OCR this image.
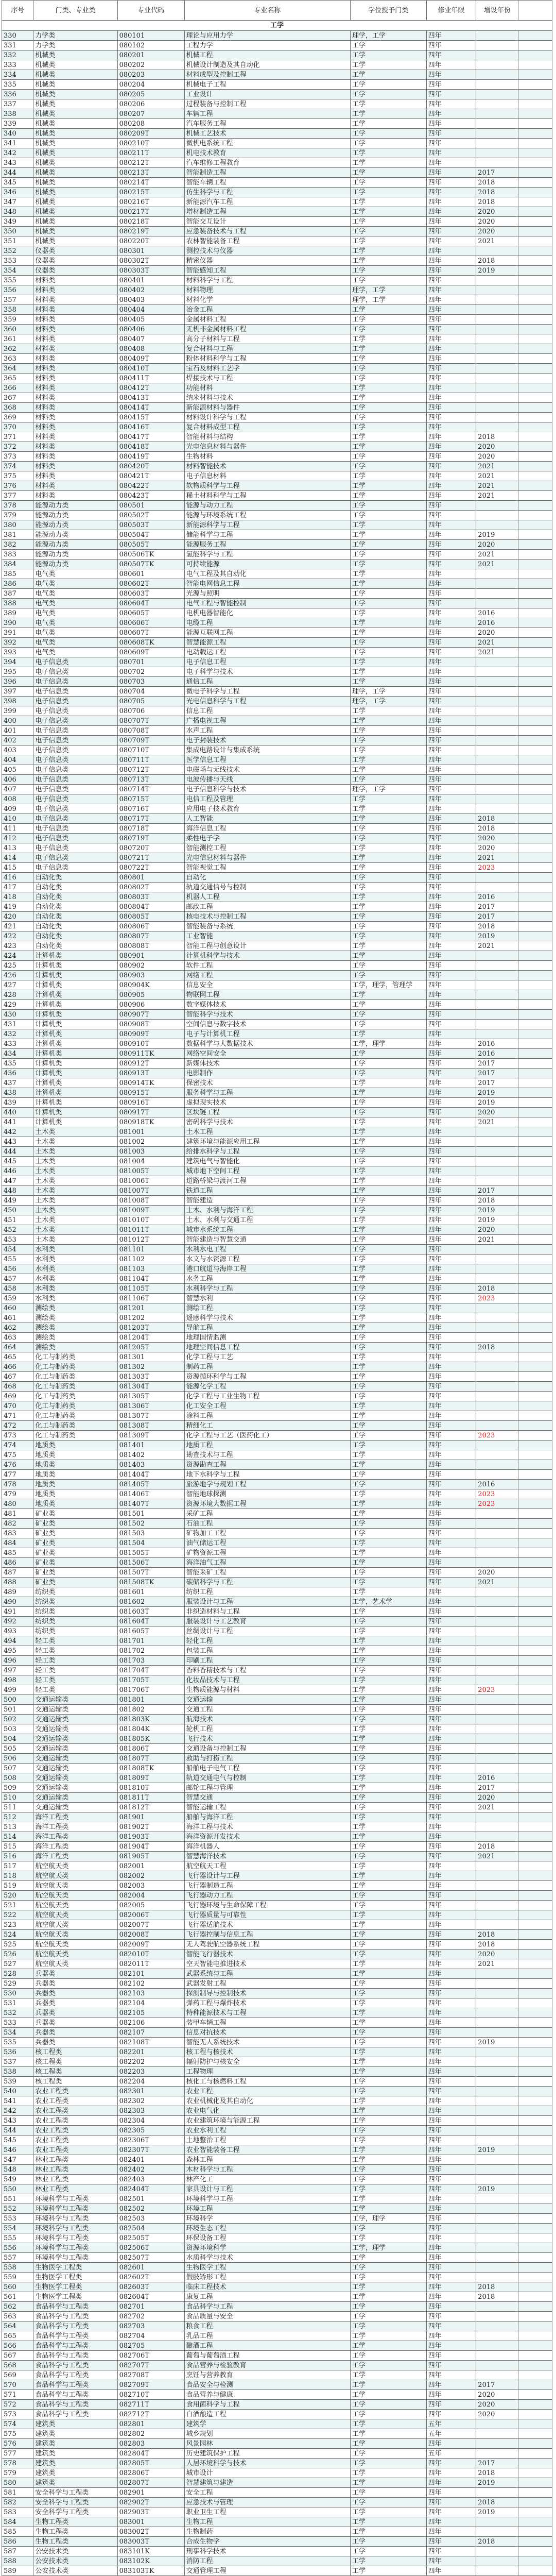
序号	门类、专业类	专业代码	专业名称	学位授予门类	修业年限	增设年份	
工学							
330	力学类	080101	理论与应用力学	理学，工学	四年		
331	力学类	080102	工程力学	工学	四年		
332	机械类	080201	机械工程	工学	四年		
333	机械类	080202	机械设计制造及其自动化	工学	四年		
334	机械类	080203	材料成型及控制工程	工学	四年		
335	机械类	080204	机械电子工程	工学	四年		
336	机械类	080205	工业设计	工学	四年		
337	机械类	080206	过程装备与控制工程	工学	四年		
338	机械类	080207	车辆工程	工学	四年		
339	机械类	080208	汽车服务工程	工学	四年		
340	机械类	080209T	机械工艺技术	工学	四年		
341	机械类	080210T	微机电系统工程	工学	四年		
342	机械类	080211T	机电技术教育	工学	四年		
343	机械类	080212T	汽车维修工程教育	工学	四年		
344	机械类	080213T	智能制造工程	工学	四年	2017	
345	机械类	080214T	智能车辆工程	工学	四年	2018	
346	机械类	080215T	仿生科学与工程	工学	四年	2018	
347	机械类	080216T	新能源汽车工程	工学	四年	2018	
348	机械类	080217T	增材制造工程	工学	四年	2020	
349	机械类	080218T	智能交互设计	工学	四年	2020	
350	机械类	080219T	应急装备技术与工程	工学	四年	2020	
351	机械类	080220T	农林智能装备工程	工学	四年	2021	
352	仪器类	080301	测控技术与仪器	工学	四年		
353	仪器类	080302T	精密仪器	工学	四年	2018	
354	仪器类	080303T	智能感知工程	工学	四年	2019	
355	材料类	080401	材料科学与工程	工学	四年		
356	材料类	080402	材料物理	理学，工学	四年		
357	材料类	080403	材料化学	理学，工学	四年		
358	材料类	080404	冶金工程	工学	四年		
359	材料类	080405	金属材料工程	工学	四年		
360	材料类	080406	无机非金属材料工程	工学	四年		
361	材料类	080407	高分子材料与工程	工学	四年		
362	材料类	080408	复合材料与工程	工学	四年		
363	材料类	080409T	粉体材料科学与工程	工学	四年		
364	材料类	080410T	宝石及材料工艺学	工学	四年		
365	材料类	080411T	焊接技术与工程	工学	四年		
366	材料类	080412T	功能材料	工学	四年		
367	材料类	080413T	纳米材料与技术	工学	四年		
368	材料类	080414T	新能源材料与器件	工学	四年		
369	材料类	080415T	材料设计科学与工程	工学	四年		
370	材料类	080416T	复合材料成型工程	工学	四年		
371	材料类	080417T	智能材料与结构	工学	四年	2018	
372	材料类	080418T	光电信息材料与器件	工学	四年	2020	
373	材料类	080419T	生物材料	工学	四年	2020	
374	材料类	080420T	材料智能技术	工学	四年	2021	
375	材料类	080421T	电子信息材料	工学	四年	2021	
376	材料类	080422T	软物质科学与工程	工学	四年	2021	
377	材料类	080423T	稀土材料科学与工程	工学	四年	2021	
378	能源动力类	080501	能源与动力工程	工学	四年		
379	能源动力类	080502T	能源与环境系统工程	工学	四年		
380	能源动力类	080503T	新能源科学与工程	工学	四年		
381	能源动力类	080504T	储能科学与工程	工学	四年	2019	
382	能源动力类	080505T	能源服务工程	工学	四年	2020	
383	能源动力类	080506TK	氢能科学与工程	工学	四年	2021	
384	能源动力类	080507TK	可持续能源	工学	四年	2021	
385	电气类	080601	电气工程及其自动化	工学	四年		
386	电气类	080602T	智能电网信息工程	工学	四年		
387	电气类	080603T	光源与照明	工学	四年		
388	电气类	080604T	电气工程与智能控制	工学	四年		
389	电气类	080605T	电机电器智能化	工学	四年	2016	
390	电气类	080606T	电缆工程	工学	四年	2016	
391	电气类	080607T	能源互联网工程	工学	四年	2020	
392	电气类	080608TK	智慧能源工程	工学	四年	2021	
393	电气类	080609T	电动载运工程	工学	四年	2021	
394	电子信息类	080701	电子信息工程	工学	四年		
395	电子信息类	080702	电子科学与技术	工学	四年		
396	电子信息类	080703	通信工程	工学	四年		
397	电子信息类	080704	微电子科学与工程	理学，工学	四年		
398	电子信息类	080705	光电信息科学与工程	理学，工学	四年		
399	电子信息类	080706	信息工程	工学	四年		
400	电子信息类	080707T	广播电视工程	工学	四年		
401	电子信息类	080708T	水声工程	工学	四年		
402	电子信息类	080709T	电子封装技术	工学	四年		
403	电子信息类	080710T	集成电路设计与集成系统	工学	四年		
404	电子信息类	080711T	医学信息工程	工学	四年		
405	电子信息类	080712T	电磁场与无线技术	工学	四年		
406	电子信息类	080713T	电波传播与天线	工学	四年		
407	电子信息类	080714T	电子信息科学与技术	理学，工学	四年		
408	电子信息类	080715T	电信工程及管理	工学	四年		
409	电子信息类	080716T	应用电子技术教育	工学	四年		
410	电子信息类	080717T	人工智能	工学	四年	2018	
411	电子信息类	080718T	海洋信息工程	工学	四年	2018	
412	电子信息类	080719T	柔性电子学	工学	四年	2020	
413	电子信息类	080720T	智能测控工程	工学	四年	2020	
414	电子信息类	080721T	光电信息材料与器件	工学	四年	2021	
415	电子信息类	080722T	智能视觉工程	工学	四年	2023	
416	自动化类	080801	自动化	工学	四年		
417	自动化类	080802T	轨道交通信号与控制	工学	四年		
418	自动化类	080803T	机器人工程	工学	四年	2016	
419	自动化类	080804T	邮政工程	工学	四年	2017	
420	自动化类	080805T	核电技术与控制工程	工学	四年	2017	
421	自动化类	080806T	智能装备与系统	工学	四年	2018	
422	自动化类	080807T	工业智能	工学	四年	2019	
423	自动化类	080808T	智能工程与创意设计	工学	四年	2021	
424	计算机类	080901	计算机科学与技术	工学	四年		
425	计算机类	080902	软件工程	工学	四年		
426	计算机类	080903	网络工程	工学	四年		
427	计算机类	080904K	信息安全	工学，理学，管理学	四年		
428	计算机类	080905	物联网工程	工学	四年		
429	计算机类	080906	数字媒体技术	工学	四年		
430	计算机类	080907T	智能科学与技术	工学	四年		
431	计算机类	080908T	空间信息与数字技术	工学	四年		
432	计算机类	080909T	电子与计算机工程	工学	四年		
433	计算机类	080910T	数据科学与大数据技术	工学，理学	四年	2016	
434	计算机类	080911TK	网络空间安全	工学	四年	2016	
435	计算机类	080912T	新媒体技术	工学	四年	2017	
436	计算机类	080913T	电影制作	工学	四年	2017	
437	计算机类	080914TK	保密技术	工学	四年	2017	
438	计算机类	080915T	服务科学与工程	工学	四年	2019	
439	计算机类	080916T	虚拟现实技术	工学	四年	2019	
440	计算机类	080917T	区块链工程	工学	四年	2020	
441	计算机类	080918TK	密码科学与技术	工学	四年	2021	
442	土木类	081001	土木工程	工学	四年		
443	土木类	081002	建筑环境与能源应用工程	工学	四年		
444	土木类	081003	给排水科学与工程	工学	四年		
445	土木类	081004	建筑电气与智能化	工学	四年		
446	土木类	081005T	城市地下空间工程	工学	四年		
447	土木类	081006T	道路桥梁与渡河工程	工学	四年		
448	土木类	081007T	铁道工程	工学	四年	2017	
449	土木类	081008T	智能建造	工学	四年	2018	
450	土木类	081009T	土木、水利与海洋工程	工学	四年	2019	
451	土木类	081010T	土木、水利与交通工程	工学	四年	2019	
452	土木类	081011T	城市水系统工程	工学	四年	2020	
453	土木类	081012T	智能建造与智慧交通	工学	四年	2021	
454	水利类	081101	水利水电工程	工学	四年		
455	水利类	081102	水文与水资源工程	工学	四年		
456	水利类	081103	港口航道与海岸工程	工学	四年		
457	水利类	081104T	水务工程	工学	四年		
458	水利类	081105T	水利科学与工程	工学	四年	2018	
459	水利类	081106T	智慧水利	工学	四年	2023	
460	测绘类	081201	测绘工程	工学	四年		
461	测绘类	081202	遥感科学与技术	工学	四年		
462	测绘类	081203T	导航工程	工学	四年		
463	测绘类	081204T	地理国情监测	工学	四年		
464	测绘类	081205T	地理空间信息工程	工学	四年	2018	
465	化工与制药类	081301	化学工程与工艺	工学	四年		
466	化工与制药类	081302	制药工程	工学	四年		
467	化工与制药类	081303T	资源循环科学与工程	工学	四年		
468	化工与制药类	081304T	能源化学工程	工学	四年		
469	化工与制药类	081305T	化学工程与工业生物工程	工学	四年		
470	化工与制药类	081306T	化工安全工程	工学	四年		
471	化工与制药类	081307T	涂料工程	工学	四年		
472	化工与制药类	081308T	精细化工	工学	四年		
473	化工与制药类	081309T	化学工程与工艺（医药化工）	工学	四年	2023	
474	地质类	081401	地质工程	工学	四年		
475	地质类	081402	勘查技术与工程	工学	四年		
476	地质类	081403	资源勘查工程	工学	四年		
477	地质类	081404T	地下水科学与工程	工学	四年		
478	地质类	081405T	旅游地学与规划工程	工学	四年	2016	
479	地质类	081406T	智能地球探测	工学	四年	2023	
480	地质类	081407T	资源环境大数据工程	工学	四年	2023	
481	矿业类	081501	采矿工程	工学	四年		
482	矿业类	081502	石油工程	工学	四年		
483	矿业类	081503	矿物加工工程	工学	四年		
484	矿业类	081504	油气储运工程	工学	四年		
485	矿业类	081505T	矿物资源工程	工学	四年		
486	矿业类	081506T	海洋油气工程	工学	四年		
487	矿业类	081507T	智能采矿工程	工学	四年	2020	
488	矿业类	081508TK	碳储科学与工程	工学	四年	2021	
489	纺织类	081601	纺织工程	工学	四年		
490	纺织类	081602	服装设计与工程	工学，艺术学	四年		
491	纺织类	081603T	非织造材料与工程	工学	四年		
492	纺织类	081604T	服装设计与工艺教育	工学	四年		
493	纺织类	081605T	丝绸设计与工程	工学	四年		
494	轻工类	081701	轻化工程	工学	四年		
495	轻工类	081702	包装工程	工学	四年		
496	轻工类	081703	印刷工程	工学	四年		
497	轻工类	081704T	香料香精技术与工程	工学	四年		
498	轻工类	081705T	化妆品技术与工程	工学	四年		
499	轻工类	081706T	生物质能源与材料	工学	四年	2023	
500	交通运输类	081801	交通运输	工学	四年		
501	交通运输类	081802	交通工程	工学	四年		
502	交通运输类	081803K	航海技术	工学	四年		
503	交通运输类	081804K	轮机工程	工学	四年		
504	交通运输类	081805K	飞行技术	工学	四年		
505	交通运输类	081806T	交通设备与控制工程	工学	四年		
506	交通运输类	081807T	救助与打捞工程	工学	四年		
507	交通运输类	081808TK	船舶电子电气工程	工学	四年		
508	交通运输类	081809T	轨道交通电气与控制	工学	四年	2016	
509	交通运输类	081810T	邮轮工程与管理	工学	四年	2017	
510	交通运输类	081811T	智慧交通	工学	四年	2020	
511	交通运输类	081812T	智能运输工程	工学	四年	2021	
512	海洋工程类	081901	船舶与海洋工程	工学	四年		
513	海洋工程类	081902T	海洋工程与技术	工学	四年		
514	海洋工程类	081903T	海洋资源开发技术	工学	四年		
515	海洋工程类	081904T	海洋机器人	工学	四年	2018	
516	海洋工程类	081905T	智慧海洋技术	工学	四年	2021	
517	航空航天类	082001	航空航天工程	工学	四年		
518	航空航天类	082002	飞行器设计与工程	工学	四年		
519	航空航天类	082003	飞行器制造工程	工学	四年		
520	航空航天类	082004	飞行器动力工程	工学	四年		
521	航空航天类	082005	飞行器环境与生命保障工程	工学	四年		
522	航空航天类	082006T	飞行器质量与可靠性	工学	四年		
523	航空航天类	082007T	飞行器适航技术	工学	四年		
524	航空航天类	082008T	飞行器控制与信息工程	工学	四年	2018	
525	航空航天类	082009T	无人驾驶航空器系统工程	工学	四年	2018	
526	航空航天类	082010T	智能飞行器技术	工学	四年	2020	
527	航空航天类	082011T	空天智能电推进技术	工学	四年	2021	
528	兵器类	082101	武器系统与工程	工学	四年		
529	兵器类	082102	武器发射工程	工学	四年		
530	兵器类	082103	探测制导与控制技术	工学	四年		
531	兵器类	082104	弹药工程与爆炸技术	工学	四年		
532	兵器类	082105	特种能源技术与工程	工学	四年		
533	兵器类	082106	装甲车辆工程	工学	四年		
534	兵器类	082107	信息对抗技术	工学	四年		
535	兵器类	082108T	智能无人系统技术	工学	四年	2019	
536	核工程类	082201	核工程与核技术	工学	四年		
537	核工程类	082202	辐射防护与核安全	工学	四年		
538	核工程类	082203	工程物理	工学	四年		
539	核工程类	082204	核化工与核燃料工程	工学	四年		
540	农业工程类	082301	农业工程	工学	四年		
541	农业工程类	082302	农业机械化及其自动化	工学	四年		
542	农业工程类	082303	农业电气化	工学	四年		
543	农业工程类	082304	农业建筑环境与能源工程	工学	四年		
544	农业工程类	082305	农业水利工程	工学	四年		
545	农业工程类	082306T	土地整治工程	工学	四年		
546	农业工程类	082307T	农业智能装备工程	工学	四年	2019	
547	林业工程类	082401	森林工程	工学	四年		
548	林业工程类	082402	木材科学与工程	工学	四年		
549	林业工程类	082403	林产化工	工学	四年		
550	林业工程类	082404T	家具设计与工程	工学	四年	2019	
551	环境科学与工程类	082501	环境科学与工程	工学	四年		
552	环境科学与工程类	082502	环境工程	工学	四年		
553	环境科学与工程类	082503	环境科学	工学，理学	四年		
554	环境科学与工程类	082504	环境生态工程	工学	四年		
555	环境科学与工程类	082505T	环保设备工程	工学	四年		
556	环境科学与工程类	082506T	资源环境科学	工学，理学	四年		
557	环境科学与工程类	082507T	水质科学与技术	工学	四年		
558	生物医学工程类	082601	生物医学工程	工学	四年		
559	生物医学工程类	082602T	假肢矫形工程	工学	四年		
560	生物医学工程类	082603T	临床工程技术	工学	四年	2018	
561	生物医学工程类	082604T	康复工程	工学	四年	2018	
562	食品科学与工程类	082701	食品科学与工程	工学	四年		
563	食品科学与工程类	082702	食品质量与安全	工学	四年		
564	食品科学与工程类	082703	粮食工程	工学	四年		
565	食品科学与工程类	082704	乳品工程	工学	四年		
566	食品科学与工程类	082705	酿酒工程	工学	四年		
567	食品科学与工程类	082706T	葡萄与葡萄酒工程	工学	四年		
568	食品科学与工程类	082707T	食品营养与检验教育	工学	四年		
569	食品科学与工程类	082708T	烹饪与营养教育	工学	四年		
570	食品科学与工程类	082709T	食品安全与检测	工学	四年	2017	
571	食品科学与工程类	082710T	食品营养与健康	工学	四年	2020	
572	食品科学与工程类	082711T	食用菌科学与工程	工学	四年	2020	
573	食品科学与工程类	082712T	白酒酿造工程	工学	四年	2020	
574	建筑类	082801	建筑学	工学	五年		
575	建筑类	082802	城乡规划	工学	五年		
576	建筑类	082803	风景园林	工学	四年		
577	建筑类	082804T	历史建筑保护工程	工学	五年		
578	建筑类	082805T	人居环境科学与技术	工学	四年	2017	
579	建筑类	082806T	城市设计	工学	四年	2018	
580	建筑类	082807T	智慧建筑与建造	工学	四年	2019	
581	安全科学与工程类	082901	安全工程	工学	四年		
582	安全科学与工程类	082902T	应急技术与管理	工学	四年	2018	
583	安全科学与工程类	082903T	职业卫生工程	工学	四年	2019	
584	生物工程类	083001	生物工程	工学	四年		
585	生物工程类	083002T	生物制药	工学	四年		
586	生物工程类	083003T	合成生物学	工学	四年	2018	
587	公安技术类	083101K	刑事科学技术	工学	四年		
588	公安技术类	083102K	消防工程	工学	四年		
589	公安技术类	083103TK	交通管理工程	工学	四年		
